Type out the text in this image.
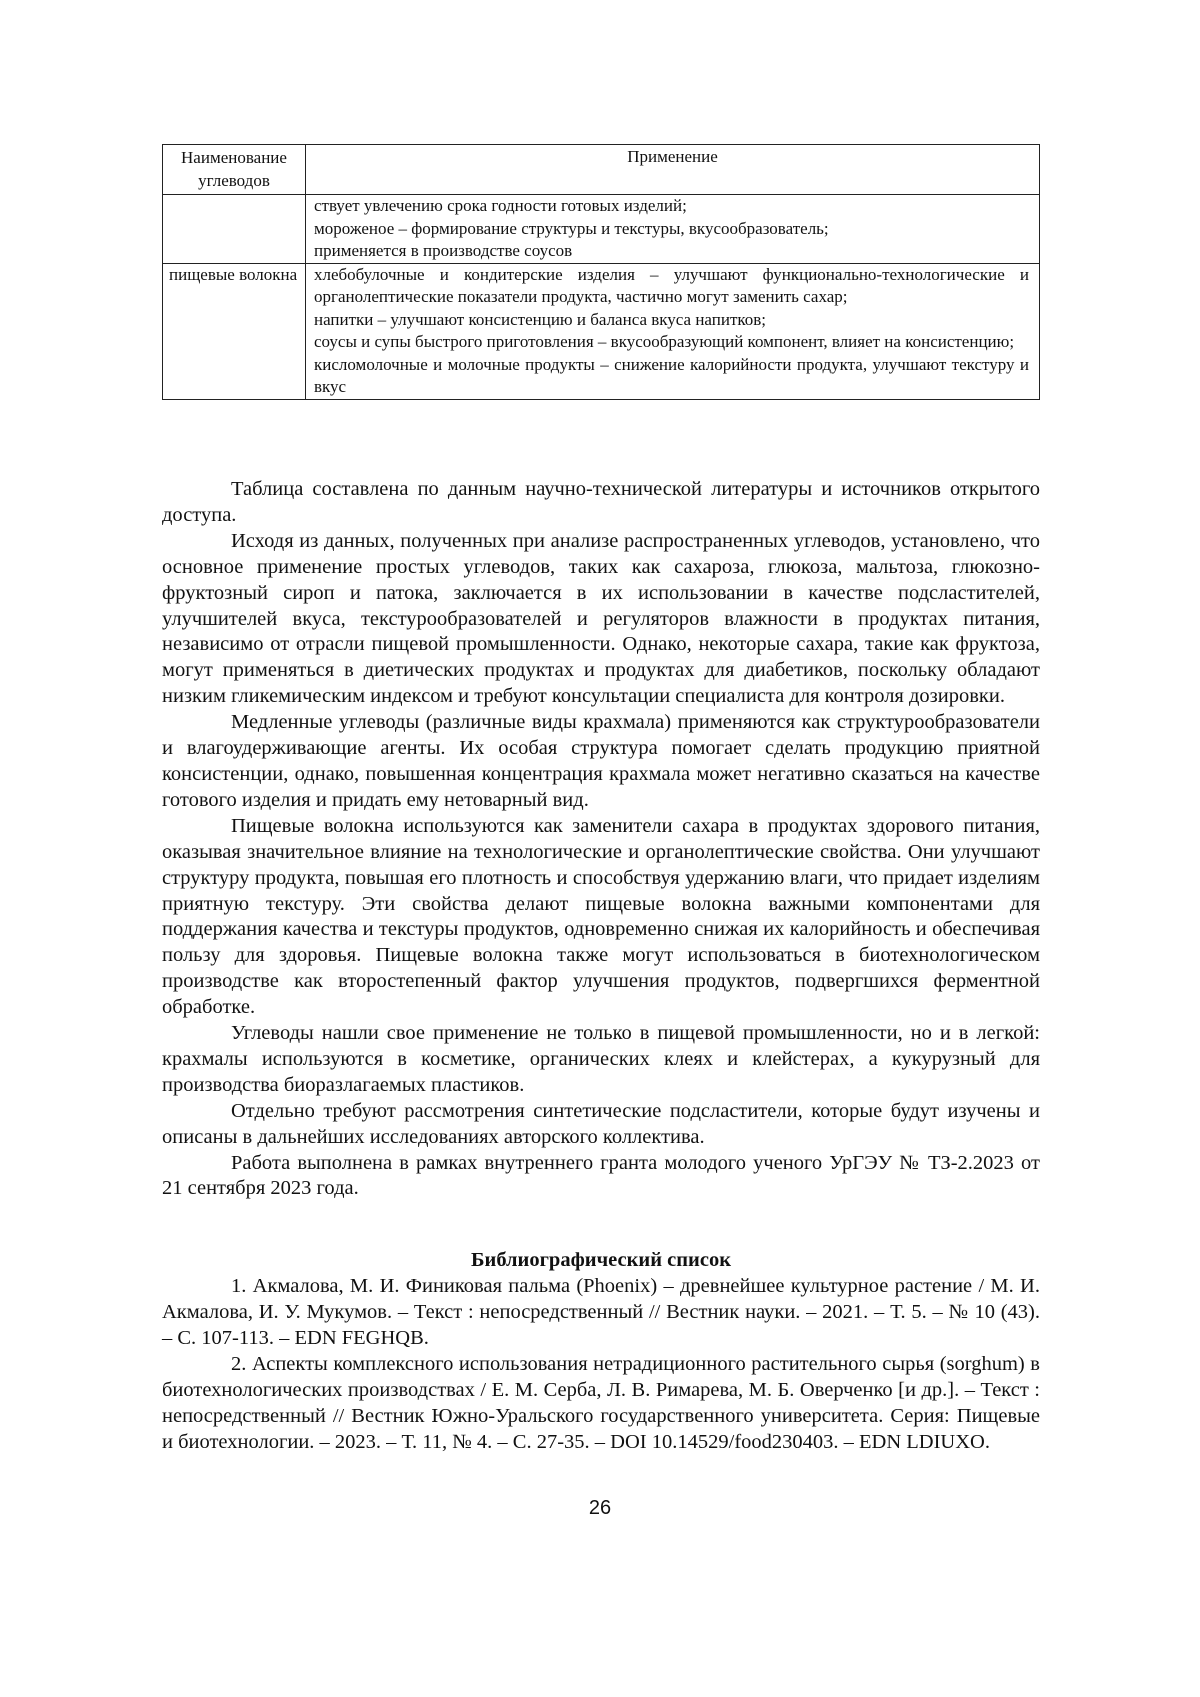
Наименование углеводов	Применение

	ствует увлечению срока годности готовых изделий;
мороженое – формирование структуры и текстуры, вкусообразователь;
применяется в производстве соусов

пищевые волокна	хлебобулочные и кондитерские изделия – улучшают функционально-технологические и органолептические показатели продукта, частично могут заменить сахар;
напитки – улучшают консистенцию и баланса вкуса напитков;
соусы и супы быстрого приготовления – вкусообразующий компонент, влияет на консистенцию;
кисломолочные и молочные продукты – снижение калорийности продукта, улучшают текстуру и вкус

Таблица составлена по данным научно-технической литературы и источников открытого доступа.

Исходя из данных, полученных при анализе распространенных углеводов, установлено, что основное применение простых углеводов, таких как сахароза, глюкоза, мальтоза, глюкозно-фруктозный сироп и патока, заключается в их использовании в качестве подсластителей, улучшителей вкуса, текстурообразователей и регуляторов влажности в продуктах питания, независимо от отрасли пищевой промышленности. Однако, некоторые сахара, такие как фруктоза, могут применяться в диетических продуктах и продуктах для диабетиков, поскольку обладают низким гликемическим индексом и требуют консультации специалиста для контроля дозировки.

Медленные углеводы (различные виды крахмала) применяются как структурообразователи и влагоудерживающие агенты. Их особая структура помогает сделать продукцию приятной консистенции, однако, повышенная концентрация крахмала может негативно сказаться на качестве готового изделия и придать ему нетоварный вид.

Пищевые волокна используются как заменители сахара в продуктах здорового питания, оказывая значительное влияние на технологические и органолептические свойства. Они улучшают структуру продукта, повышая его плотность и способствуя удержанию влаги, что придает изделиям приятную текстуру. Эти свойства делают пищевые волокна важными компонентами для поддержания качества и текстуры продуктов, одновременно снижая их калорийность и обеспечивая пользу для здоровья. Пищевые волокна также могут использоваться в биотехнологическом производстве как второстепенный фактор улучшения продуктов, подвергшихся ферментной обработке.

Углеводы нашли свое применение не только в пищевой промышленности, но и в легкой: крахмалы используются в косметике, органических клеях и клейстерах, а кукурузный для производства биоразлагаемых пластиков.

Отдельно требуют рассмотрения синтетические подсластители, которые будут изучены и описаны в дальнейших исследованиях авторского коллектива.

Работа выполнена в рамках внутреннего гранта молодого ученого УрГЭУ № ТЗ-2.2023 от 21 сентября 2023 года.

Библиографический список

1. Акмалова, М. И. Финиковая пальма (Phoenix) – древнейшее культурное растение / М. И. Акмалова, И. У. Мукумов. – Текст : непосредственный // Вестник науки. – 2021. – Т. 5. – № 10 (43). – С. 107-113. – EDN FEGHQB.

2. Аспекты комплексного использования нетрадиционного растительного сырья (sorghum) в биотехнологических производствах / Е. М. Серба, Л. В. Римарева, М. Б. Оверченко [и др.]. – Текст : непосредственный // Вестник Южно-Уральского государственного университета. Серия: Пищевые и биотехнологии. – 2023. – Т. 11, № 4. – С. 27-35. – DOI 10.14529/food230403. – EDN LDIUXO.

26
